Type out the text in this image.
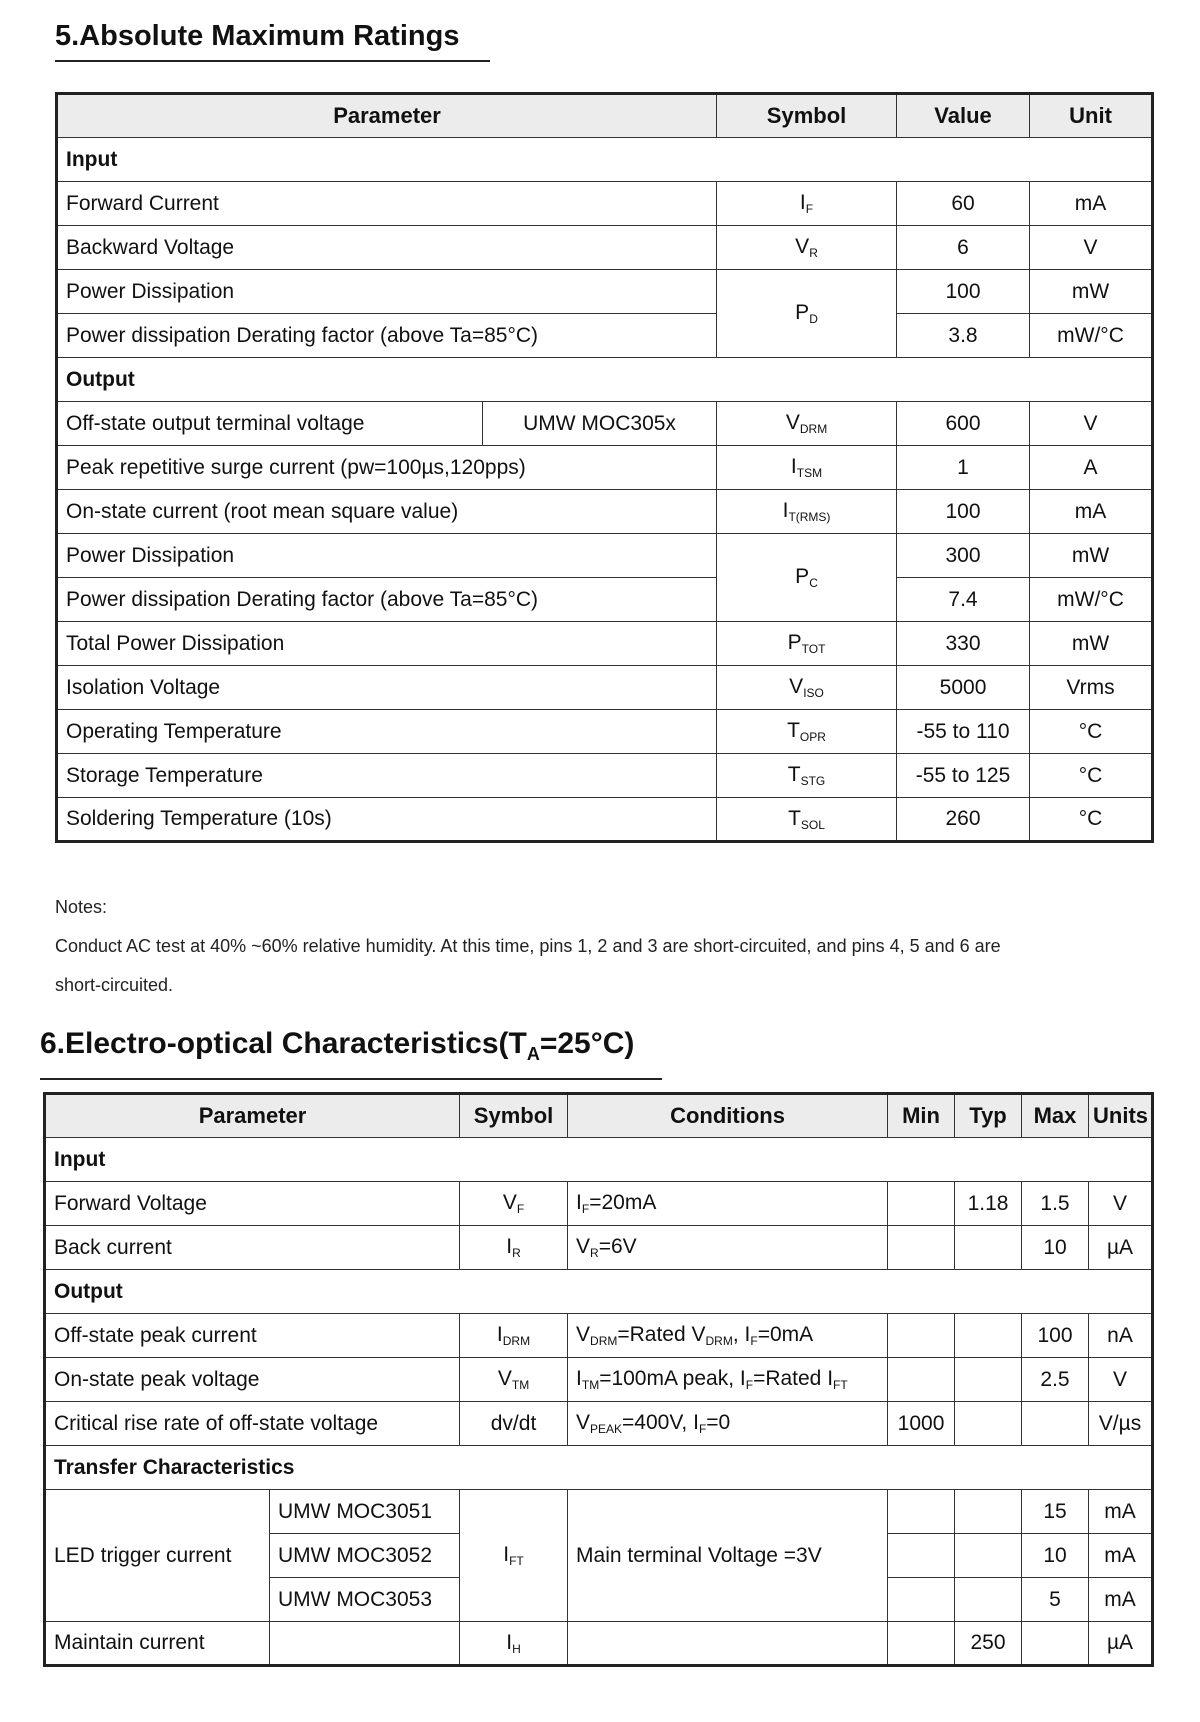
5.Absolute Maximum Ratings
Parameter		Symbol	Value	Unit
Input				
Forward Current		$I_F$	60	mA
Backward Voltage		$V_R$	6	V
Power Dissipation		$P_D$	100	mW
Power dissipation Derating factor (above Ta=85°C)			3.8	mW/°C
Output				
Off-state output terminal voltage	UMW MOC305x	$V_{DRM}$	600	V
Peak repetitive surge current (pw=100µs,120pps)		$I_{TSM}$	1	A
On-state current (root mean square value)		$I_{T(RMS)}$	100	mA
Power Dissipation		$P_C$	300	mW
Power dissipation Derating factor (above Ta=85°C)			7.4	mW/°C
Total Power Dissipation		$P_{TOT}$	330	mW
Isolation Voltage		$V_{ISO}$	5000	Vrms
Operating Temperature		$T_{OPR}$	-55 to 110	°C
Storage Temperature		$T_{STG}$	-55 to 125	°C
Soldering Temperature (10s)		$T_{SOL}$	260	°C

Notes:

Conduct AC test at 40% ~60% relative humidity. At this time, pins 1, 2 and 3 are short-circuited, and pins 4, 5 and 6 are

short-circuited.

6.Electro-optical $Characteristics(T_A=25^\circ C)$
Parameter		Symbol	Conditions	Min	Typ	Max	Units
Input							
Forward Voltage		$V_F$	$I_F=20mA$		1.18	1.5	V
Back current		$I_R$	$V_R=6V$			10	µA
Output							
Off-state peak current		$I_{DRM}$	$V_{DRM}=Rated$ $V_{DRM}$, $I_F=0mA$			100	nA
On-state peak voltage		$V_{TM}$	$I_{TM}=100mA$ peak, $I_F=Rated$ $I_{FT}$			2.5	V
Critical rise rate of off-state voltage		dv/dt	$V_{PEAK}=400V$, $I_F=0$	1000			V/µs
Transfer Characteristics							
LED trigger current	UMW MOC3051	$I_{FT}$	Main terminal Voltage =3V			15	mA
	UMW MOC3052					10	mA
	UMW MOC3053					5	mA
Maintain current		$I_H$			250		µA
